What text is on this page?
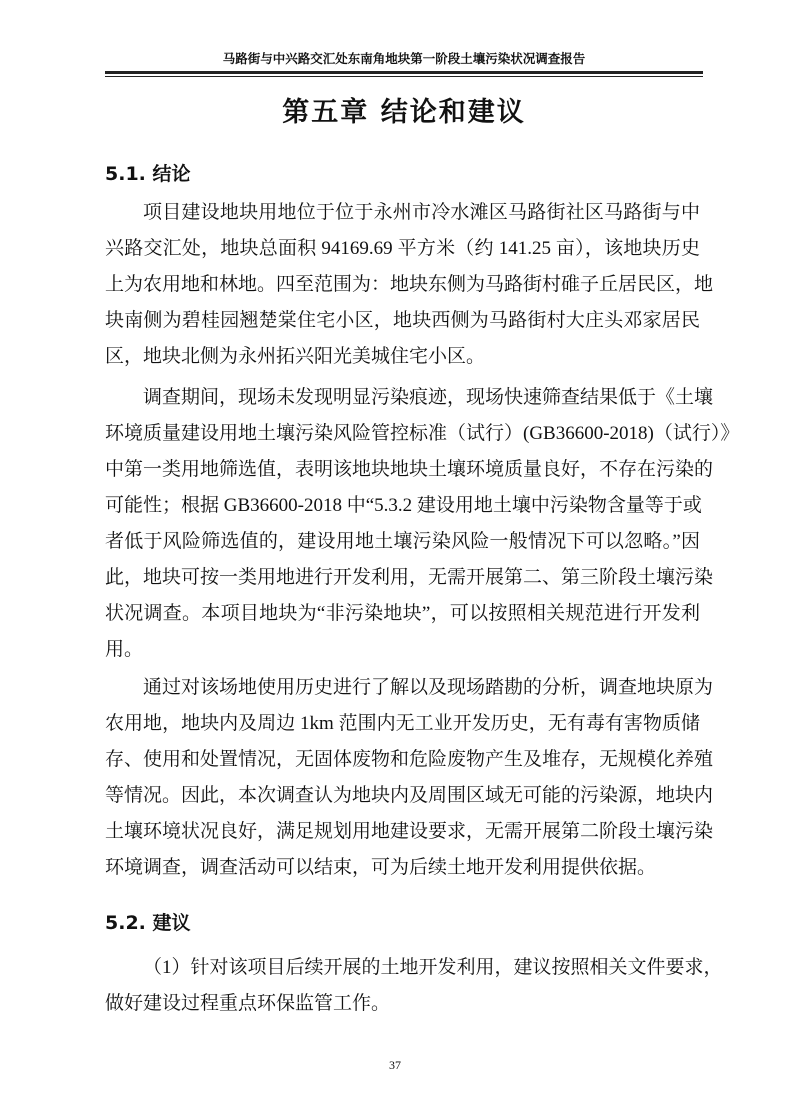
马路街与中兴路交汇处东南角地块第一阶段土壤污染状况调查报告
第五章 结论和建议
5.1. 结论
项目建设地块用地位于位于永州市冷水滩区马路街社区马路街与中
兴路交汇处，地块总面积 94169.69 平方米（约 141.25 亩），该地块历史
上为农用地和林地。四至范围为：地块东侧为马路街村碓子丘居民区，地
块南侧为碧桂园翘楚棠住宅小区，地块西侧为马路街村大庄头邓家居民
区，地块北侧为永州拓兴阳光美城住宅小区。
调查期间，现场未发现明显污染痕迹，现场快速筛查结果低于《土壤
环境质量建设用地土壤污染风险管控标准（试行）(GB36600-2018)（试行）》
中第一类用地筛选值，表明该地块地块土壤环境质量良好，不存在污染的
可能性；根据 GB36600-2018 中“5.3.2 建设用地土壤中污染物含量等于或
者低于风险筛选值的，建设用地土壤污染风险一般情况下可以忽略。”因
此，地块可按一类用地进行开发利用，无需开展第二、第三阶段土壤污染
状况调查。本项目地块为“非污染地块”，可以按照相关规范进行开发利
用。
通过对该场地使用历史进行了解以及现场踏勘的分析，调查地块原为
农用地，地块内及周边 1km 范围内无工业开发历史，无有毒有害物质储
存、使用和处置情况，无固体废物和危险废物产生及堆存，无规模化养殖
等情况。因此，本次调查认为地块内及周围区域无可能的污染源，地块内
土壤环境状况良好，满足规划用地建设要求，无需开展第二阶段土壤污染
环境调查，调查活动可以结束，可为后续土地开发利用提供依据。
5.2. 建议
（1）针对该项目后续开展的土地开发利用，建议按照相关文件要求，
做好建设过程重点环保监管工作。
37
